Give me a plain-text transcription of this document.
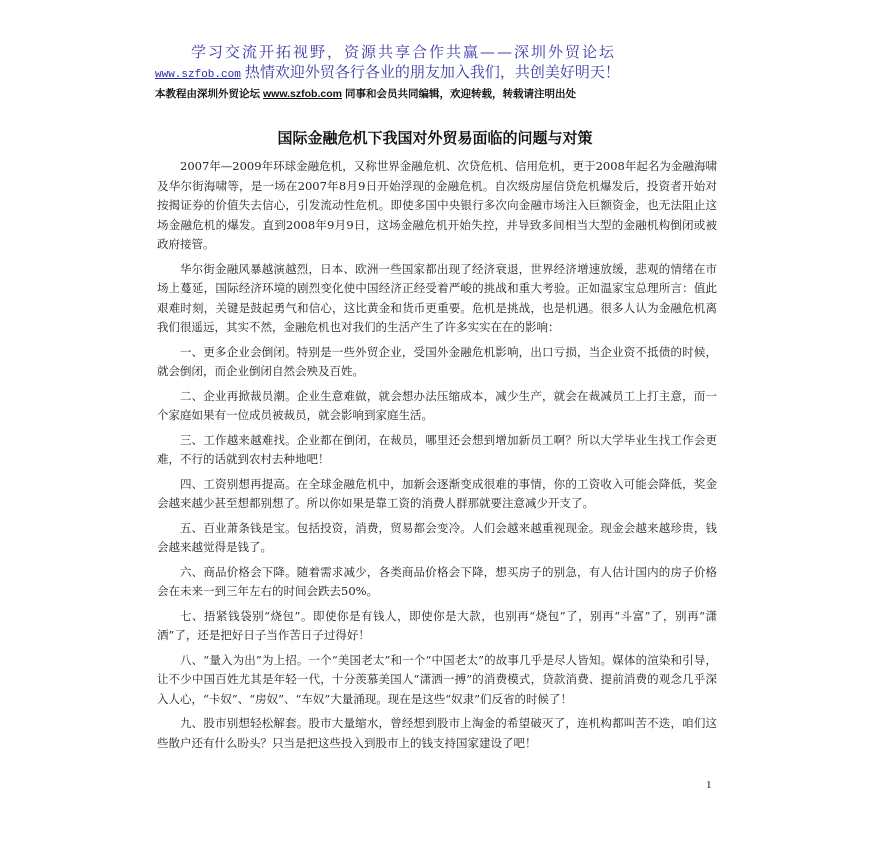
学习交流开拓视野，资源共享合作共赢——深圳外贸论坛
www.szfob.com 热情欢迎外贸各行各业的朋友加入我们，共创美好明天！
本教程由深圳外贸论坛 www.szfob.com 同事和会员共同编辑，欢迎转载，转载请注明出处
国际金融危机下我国对外贸易面临的问题与对策

2007年—2009年环球金融危机，又称世界金融危机、次贷危机、信用危机，更于2008年起名为金融海啸及华尔街海啸等，是一场在2007年8月9日开始浮现的金融危机。自次级房屋信贷危机爆发后，投资者开始对按揭证券的价值失去信心，引发流动性危机。即使多国中央银行多次向金融市场注入巨额资金，也无法阻止这场金融危机的爆发。直到2008年9月9日，这场金融危机开始失控，并导致多间相当大型的金融机构倒闭或被政府接管。

华尔街金融风暴越演越烈，日本、欧洲一些国家都出现了经济衰退，世界经济增速放缓，悲观的情绪在市场上蔓延，国际经济环境的剧烈变化使中国经济正经受着严峻的挑战和重大考验。正如温家宝总理所言：值此艰难时刻，关键是鼓起勇气和信心，这比黄金和货币更重要。危机是挑战，也是机遇。很多人认为金融危机离我们很遥远，其实不然，金融危机也对我们的生活产生了许多实实在在的影响：

一、更多企业会倒闭。特别是一些外贸企业，受国外金融危机影响，出口亏损，当企业资不抵债的时候，就会倒闭，而企业倒闭自然会殃及百姓。

二、企业再掀裁员潮。企业生意难做，就会想办法压缩成本，减少生产，就会在裁减员工上打主意，而一个家庭如果有一位成员被裁员，就会影响到家庭生活。

三、工作越来越难找。企业都在倒闭，在裁员，哪里还会想到增加新员工啊？所以大学毕业生找工作会更难，不行的话就到农村去种地吧！

四、工资别想再提高。在全球金融危机中，加新会逐渐变成很难的事情，你的工资收入可能会降低，奖金会越来越少甚至想都别想了。所以你如果是靠工资的消费人群那就要注意减少开支了。

五、百业萧条钱是宝。包括投资，消费，贸易都会变冷。人们会越来越重视现金。现金会越来越珍贵，钱会越来越觉得是钱了。

六、商品价格会下降。随着需求减少，各类商品价格会下降，想买房子的别急，有人估计国内的房子价格会在未来一到三年左右的时间会跌去50%。

七、捂紧钱袋别“烧包”。即使你是有钱人，即使你是大款，也别再“烧包”了，别再“斗富”了，别再“潇洒”了，还是把好日子当作苦日子过得好！

八、“量入为出”为上招。一个“美国老太”和一个“中国老太”的故事几乎是尽人皆知。媒体的渲染和引导，让不少中国百姓尤其是年轻一代，十分羡慕美国人“潇洒一搏”的消费模式，贷款消费、提前消费的观念几乎深入人心，“卡奴”、“房奴”、“车奴”大量涌现。现在是这些“奴隶”们反省的时候了！

九、股市别想轻松解套。股市大量缩水，曾经想到股市上淘金的希望破灭了，连机构都叫苦不迭，咱们这些散户还有什么盼头？只当是把这些投入到股市上的钱支持国家建设了吧！

1
